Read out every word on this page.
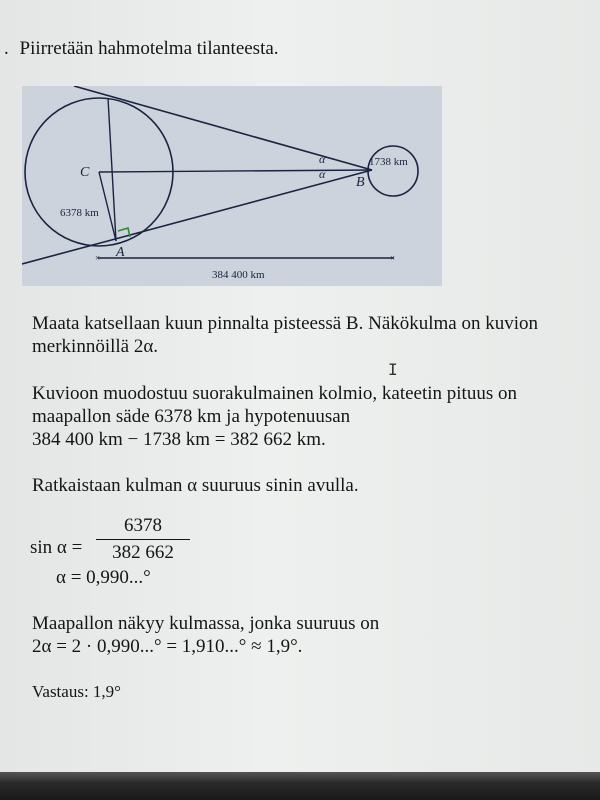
. Piirretään hahmotelma tilanteesta.
×	×
C
A
B
α
α
6378 km
1738 km
384 400 km
Maata katsellaan kuun pinnalta pisteessä B. Näkökulma on kuvion
merkinnöillä 2α.
I
Kuvioon muodostuu suorakulmainen kolmio, kateetin pituus on
maapallon säde 6378 km ja hypotenuusan
384 400 km − 1738 km = 382 662 km.
Ratkaistaan kulman α suuruus sinin avulla.
sin α =
6378
382 662
α = 0,990...°
Maapallon näkyy kulmassa, jonka suuruus on
2α = 2 · 0,990...° = 1,910...° ≈ 1,9°.
Vastaus: 1,9°
